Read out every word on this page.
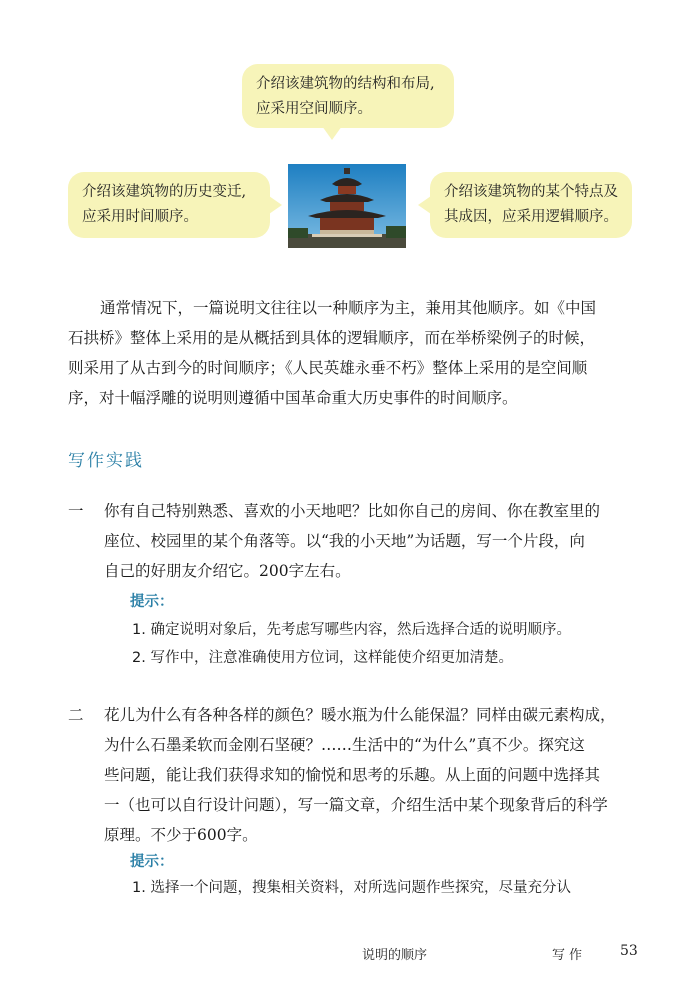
介绍该建筑物的结构和布局,
应采用空间顺序。
介绍该建筑物的历史变迁,
应采用时间顺序。
介绍该建筑物的某个特点及
其成因，应采用逻辑顺序。
通常情况下，一篇说明文往往以一种顺序为主，兼用其他顺序。如《中国
石拱桥》整体上采用的是从概括到具体的逻辑顺序，而在举桥梁例子的时候，
则采用了从古到今的时间顺序；《人民英雄永垂不朽》整体上采用的是空间顺
序，对十幅浮雕的说明则遵循中国革命重大历史事件的时间顺序。
写作实践
一 你有自己特别熟悉、喜欢的小天地吧？比如你自己的房间、你在教室里的
座位、校园里的某个角落等。以“我的小天地”为话题，写一个片段，向
自己的好朋友介绍它。200字左右。
提示：
1. 确定说明对象后，先考虑写哪些内容，然后选择合适的说明顺序。
2. 写作中，注意准确使用方位词，这样能使介绍更加清楚。
二 花儿为什么有各种各样的颜色？暖水瓶为什么能保温？同样由碳元素构成，
为什么石墨柔软而金刚石坚硬？……生活中的“为什么”真不少。探究这
些问题，能让我们获得求知的愉悦和思考的乐趣。从上面的问题中选择其
一（也可以自行设计问题），写一篇文章，介绍生活中某个现象背后的科学
原理。不少于600字。
提示：
1. 选择一个问题，搜集相关资料，对所选问题作些探究，尽量充分认
说明的顺序	写作 53
